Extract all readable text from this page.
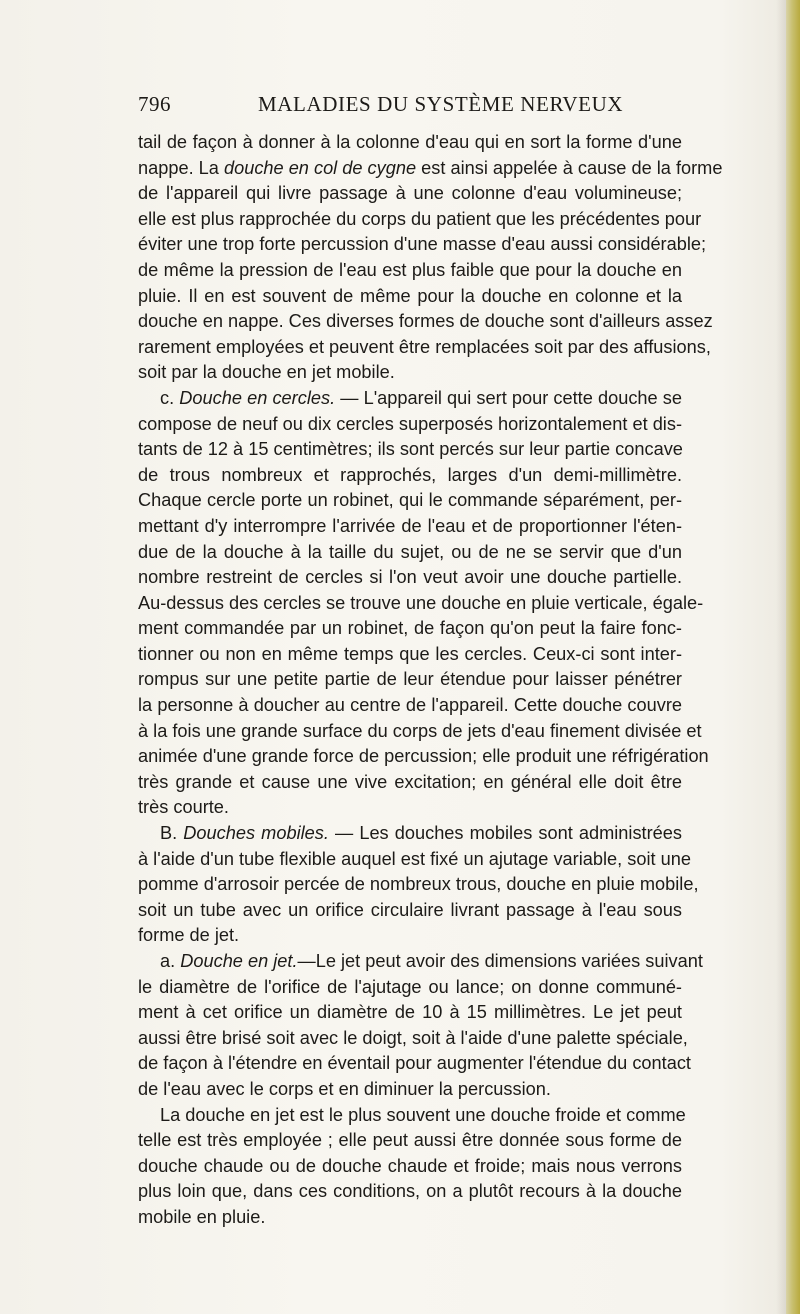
796	MALADIES DU SYSTÈME NERVEUX
tail de façon à donner à la colonne d'eau qui en sort la forme d'une
nappe. La douche en col de cygne est ainsi appelée à cause de la forme
de l'appareil qui livre passage à une colonne d'eau volumineuse;
elle est plus rapprochée du corps du patient que les précédentes pour
éviter une trop forte percussion d'une masse d'eau aussi considérable;
de même la pression de l'eau est plus faible que pour la douche en
pluie. Il en est souvent de même pour la douche en colonne et la
douche en nappe. Ces diverses formes de douche sont d'ailleurs assez
rarement employées et peuvent être remplacées soit par des affusions,
soit par la douche en jet mobile.
c. Douche en cercles. — L'appareil qui sert pour cette douche se
compose de neuf ou dix cercles superposés horizontalement et dis-
tants de 12 à 15 centimètres; ils sont percés sur leur partie concave
de trous nombreux et rapprochés, larges d'un demi-millimètre.
Chaque cercle porte un robinet, qui le commande séparément, per-
mettant d'y interrompre l'arrivée de l'eau et de proportionner l'éten-
due de la douche à la taille du sujet, ou de ne se servir que d'un
nombre restreint de cercles si l'on veut avoir une douche partielle.
Au-dessus des cercles se trouve une douche en pluie verticale, égale-
ment commandée par un robinet, de façon qu'on peut la faire fonc-
tionner ou non en même temps que les cercles. Ceux-ci sont inter-
rompus sur une petite partie de leur étendue pour laisser pénétrer
la personne à doucher au centre de l'appareil. Cette douche couvre
à la fois une grande surface du corps de jets d'eau finement divisée et
animée d'une grande force de percussion; elle produit une réfrigération
très grande et cause une vive excitation; en général elle doit être
très courte.
B. Douches mobiles. — Les douches mobiles sont administrées
à l'aide d'un tube flexible auquel est fixé un ajutage variable, soit une
pomme d'arrosoir percée de nombreux trous, douche en pluie mobile,
soit un tube avec un orifice circulaire livrant passage à l'eau sous
forme de jet.
a. Douche en jet.—Le jet peut avoir des dimensions variées suivant
le diamètre de l'orifice de l'ajutage ou lance; on donne communé-
ment à cet orifice un diamètre de 10 à 15 millimètres. Le jet peut
aussi être brisé soit avec le doigt, soit à l'aide d'une palette spéciale,
de façon à l'étendre en éventail pour augmenter l'étendue du contact
de l'eau avec le corps et en diminuer la percussion.
La douche en jet est le plus souvent une douche froide et comme
telle est très employée ; elle peut aussi être donnée sous forme de
douche chaude ou de douche chaude et froide; mais nous verrons
plus loin que, dans ces conditions, on a plutôt recours à la douche
mobile en pluie.
